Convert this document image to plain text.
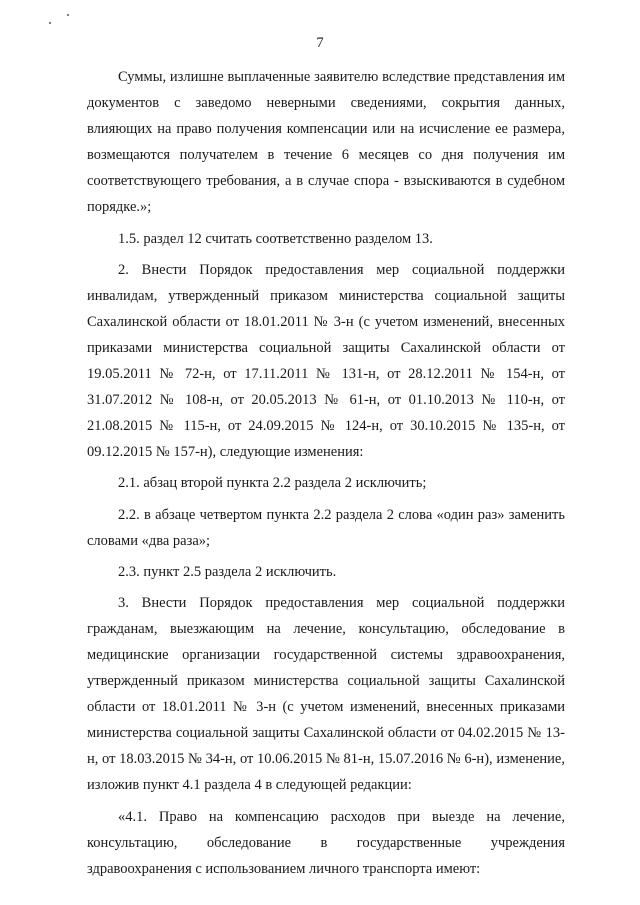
7

Суммы, излишне выплаченные заявителю вследствие представления им документов с заведомо неверными сведениями, сокрытия данных, влияющих на право получения компенсации или на исчисление ее размера, возмещаются получателем в течение 6 месяцев со дня получения им соответствующего требования, а в случае спора - взыскиваются в судебном порядке.»;

1.5. раздел 12 считать соответственно разделом 13.

2. Внести Порядок предоставления мер социальной поддержки инвалидам, утвержденный приказом министерства социальной защиты Сахалинской области от 18.01.2011 № 3-н (с учетом изменений, внесенных приказами министерства социальной защиты Сахалинской области от 19.05.2011 № 72-н, от 17.11.2011 № 131-н, от 28.12.2011 № 154-н, от 31.07.2012 № 108-н, от 20.05.2013 № 61-н, от 01.10.2013 № 110-н, от 21.08.2015 № 115-н, от 24.09.2015 № 124-н, от 30.10.2015 № 135-н, от 09.12.2015 № 157-н), следующие изменения:

2.1. абзац второй пункта 2.2 раздела 2 исключить;

2.2. в абзаце четвертом пункта 2.2 раздела 2 слова «один раз» заменить словами «два раза»;

2.3. пункт 2.5 раздела 2 исключить.

3. Внести Порядок предоставления мер социальной поддержки гражданам, выезжающим на лечение, консультацию, обследование в медицинские организации государственной системы здравоохранения, утвержденный приказом министерства социальной защиты Сахалинской области от 18.01.2011 № 3-н (с учетом изменений, внесенных приказами министерства социальной защиты Сахалинской области от 04.02.2015 № 13-н, от 18.03.2015 № 34-н, от 10.06.2015 № 81-н, 15.07.2016 № 6-н), изменение, изложив пункт 4.1 раздела 4 в следующей редакции:

«4.1. Право на компенсацию расходов при выезде на лечение, консультацию, обследование в государственные учреждения здравоохранения с использованием личного транспорта имеют:
